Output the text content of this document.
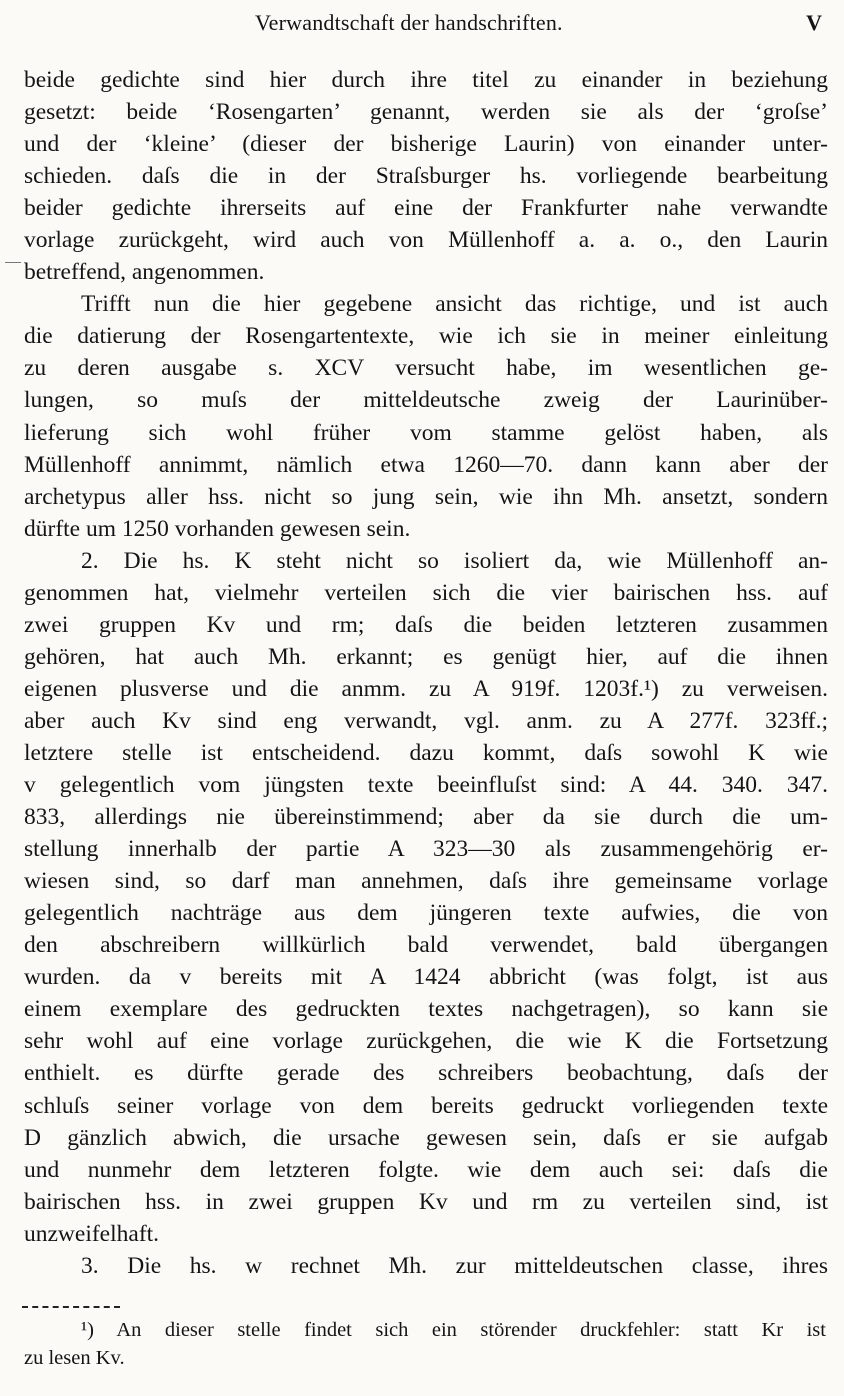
Verwandtschaft der handschriften.	V
beide gedichte sind hier durch ihre titel zu einander in beziehung
gesetzt: beide ‘Rosengarten’ genannt, werden sie als der ‘groſse’
und der ‘kleine’ (dieser der bisherige Laurin) von einander unter-
schieden. daſs die in der Straſsburger hs. vorliegende bearbeitung
beider gedichte ihrerseits auf eine der Frankfurter nahe verwandte
vorlage zurückgeht, wird auch von Müllenhoff a. a. o., den Laurin
betreffend, angenommen.
Trifft nun die hier gegebene ansicht das richtige, und ist auch
die datierung der Rosengartentexte, wie ich sie in meiner einleitung
zu deren ausgabe s. XCV versucht habe, im wesentlichen ge-
lungen, so muſs der mitteldeutsche zweig der Laurinüber-
lieferung sich wohl früher vom stamme gelöst haben, als
Müllenhoff annimmt, nämlich etwa 1260—70. dann kann aber der
archetypus aller hss. nicht so jung sein, wie ihn Mh. ansetzt, sondern
dürfte um 1250 vorhanden gewesen sein.
2. Die hs. K steht nicht so isoliert da, wie Müllenhoff an-
genommen hat, vielmehr verteilen sich die vier bairischen hss. auf
zwei gruppen Kv und rm; daſs die beiden letzteren zusammen
gehören, hat auch Mh. erkannt; es genügt hier, auf die ihnen
eigenen plusverse und die anmm. zu A 919f. 1203f.¹) zu verweisen.
aber auch Kv sind eng verwandt, vgl. anm. zu A 277f. 323ff.;
letztere stelle ist entscheidend. dazu kommt, daſs sowohl K wie
v gelegentlich vom jüngsten texte beeinfluſst sind: A 44. 340. 347.
833, allerdings nie übereinstimmend; aber da sie durch die um-
stellung innerhalb der partie A 323—30 als zusammengehörig er-
wiesen sind, so darf man annehmen, daſs ihre gemeinsame vorlage
gelegentlich nachträge aus dem jüngeren texte aufwies, die von
den abschreibern willkürlich bald verwendet, bald übergangen
wurden. da v bereits mit A 1424 abbricht (was folgt, ist aus
einem exemplare des gedruckten textes nachgetragen), so kann sie
sehr wohl auf eine vorlage zurückgehen, die wie K die Fortsetzung
enthielt. es dürfte gerade des schreibers beobachtung, daſs der
schluſs seiner vorlage von dem bereits gedruckt vorliegenden texte
D gänzlich abwich, die ursache gewesen sein, daſs er sie aufgab
und nunmehr dem letzteren folgte. wie dem auch sei: daſs die
bairischen hss. in zwei gruppen Kv und rm zu verteilen sind, ist
unzweifelhaft.
3. Die hs. w rechnet Mh. zur mitteldeutschen classe, ihres
¹) An dieser stelle findet sich ein störender druckfehler: statt Kr ist
zu lesen Kv.
